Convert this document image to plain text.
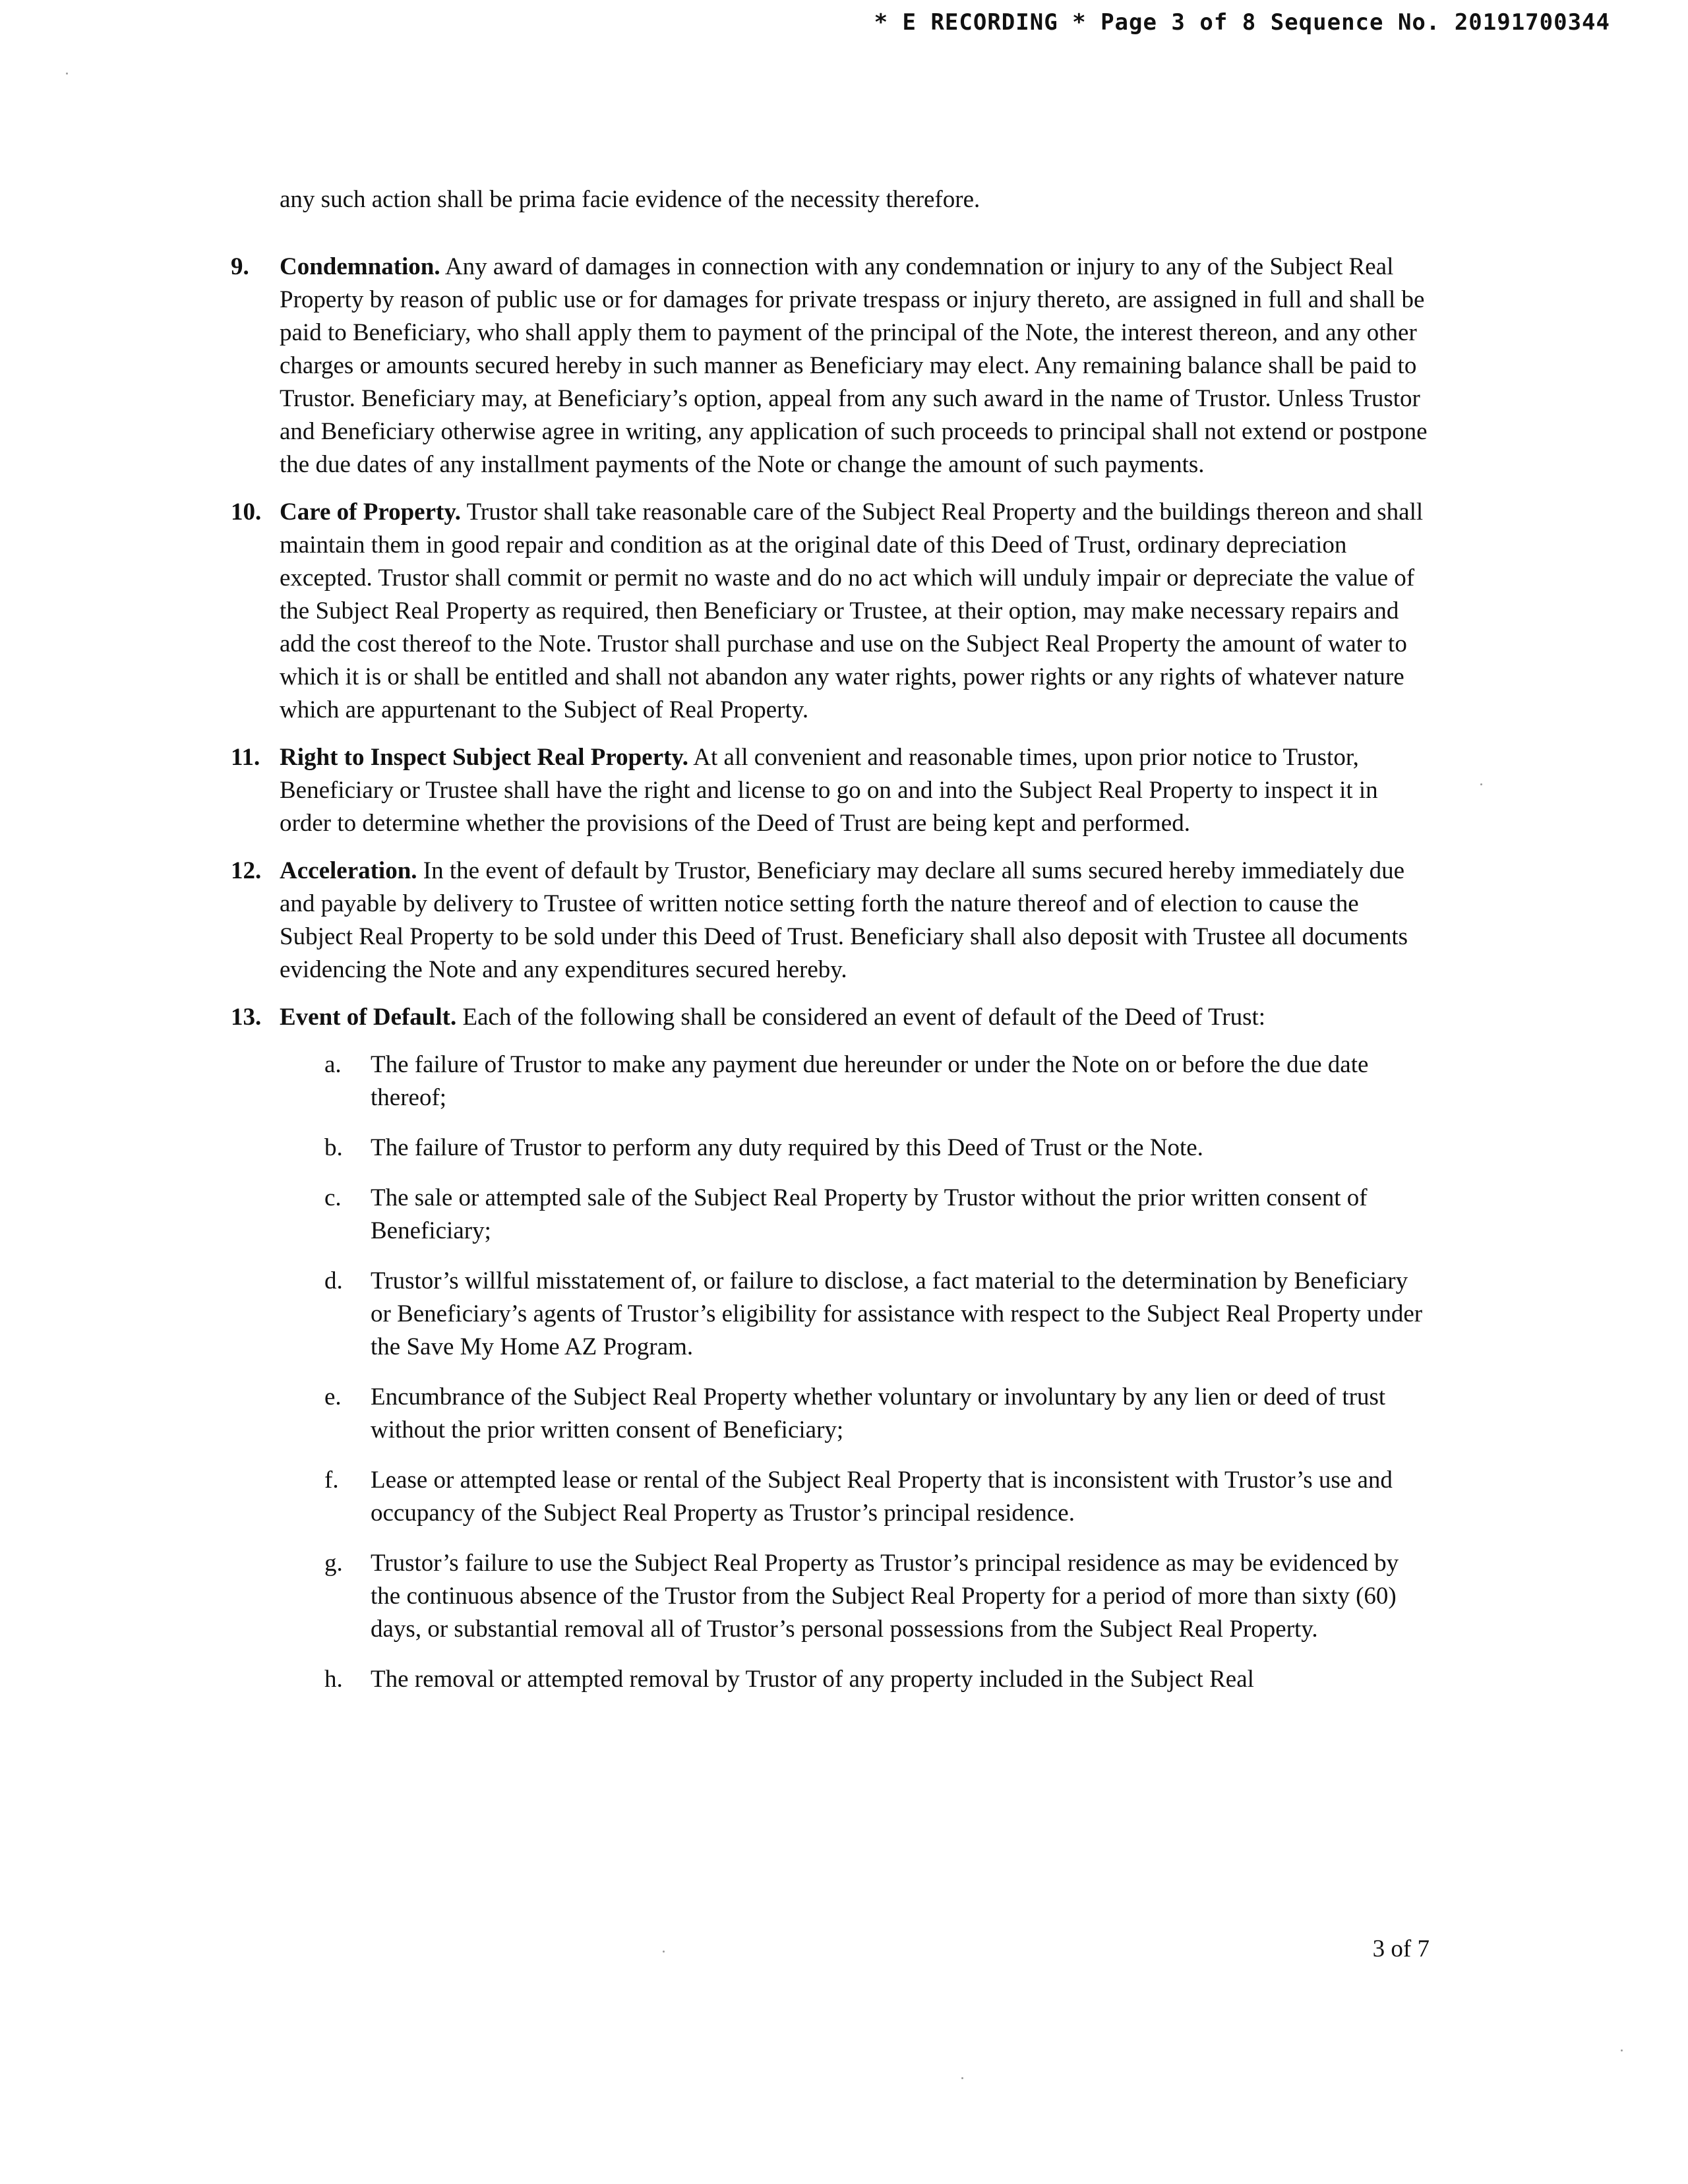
* E RECORDING * Page 3 of 8 Sequence No. 20191700344

any such action shall be prima facie evidence of the necessity therefore.

9. Condemnation. Any award of damages in connection with any condemnation or injury to any of the Subject Real Property by reason of public use or for damages for private trespass or injury thereto, are assigned in full and shall be paid to Beneficiary, who shall apply them to payment of the principal of the Note, the interest thereon, and any other charges or amounts secured hereby in such manner as Beneficiary may elect. Any remaining balance shall be paid to Trustor. Beneficiary may, at Beneficiary’s option, appeal from any such award in the name of Trustor. Unless Trustor and Beneficiary otherwise agree in writing, any application of such proceeds to principal shall not extend or postpone the due dates of any installment payments of the Note or change the amount of such payments.
10. Care of Property. Trustor shall take reasonable care of the Subject Real Property and the buildings thereon and shall maintain them in good repair and condition as at the original date of this Deed of Trust, ordinary depreciation excepted. Trustor shall commit or permit no waste and do no act which will unduly impair or depreciate the value of the Subject Real Property as required, then Beneficiary or Trustee, at their option, may make necessary repairs and add the cost thereof to the Note. Trustor shall purchase and use on the Subject Real Property the amount of water to which it is or shall be entitled and shall not abandon any water rights, power rights or any rights of whatever nature which are appurtenant to the Subject of Real Property.
11. Right to Inspect Subject Real Property. At all convenient and reasonable times, upon prior notice to Trustor, Beneficiary or Trustee shall have the right and license to go on and into the Subject Real Property to inspect it in order to determine whether the provisions of the Deed of Trust are being kept and performed.
12. Acceleration. In the event of default by Trustor, Beneficiary may declare all sums secured hereby immediately due and payable by delivery to Trustee of written notice setting forth the nature thereof and of election to cause the Subject Real Property to be sold under this Deed of Trust. Beneficiary shall also deposit with Trustee all documents evidencing the Note and any expenditures secured hereby.
13. Event of Default. Each of the following shall be considered an event of default of the Deed of Trust:
a. The failure of Trustor to make any payment due hereunder or under the Note on or before the due date thereof;
b. The failure of Trustor to perform any duty required by this Deed of Trust or the Note.
c. The sale or attempted sale of the Subject Real Property by Trustor without the prior written consent of Beneficiary;
d. Trustor’s willful misstatement of, or failure to disclose, a fact material to the determination by Beneficiary or Beneficiary’s agents of Trustor’s eligibility for assistance with respect to the Subject Real Property under the Save My Home AZ Program.
e. Encumbrance of the Subject Real Property whether voluntary or involuntary by any lien or deed of trust without the prior written consent of Beneficiary;
f. Lease or attempted lease or rental of the Subject Real Property that is inconsistent with Trustor’s use and occupancy of the Subject Real Property as Trustor’s principal residence.
g. Trustor’s failure to use the Subject Real Property as Trustor’s principal residence as may be evidenced by the continuous absence of the Trustor from the Subject Real Property for a period of more than sixty (60) days, or substantial removal all of Trustor’s personal possessions from the Subject Real Property.
h. The removal or attempted removal by Trustor of any property included in the Subject Real
3 of 7
